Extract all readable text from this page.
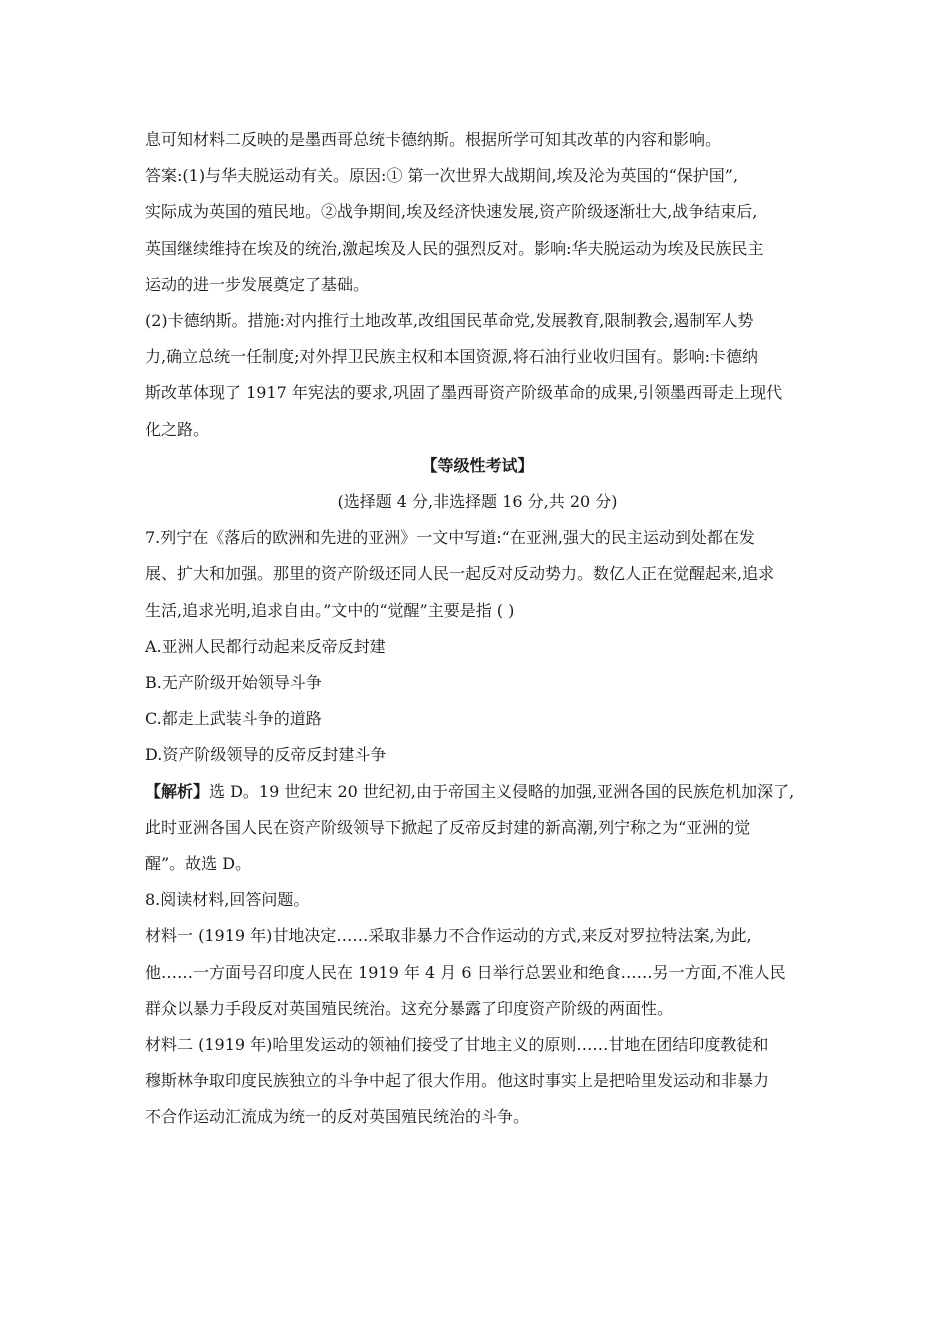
息可知材料二反映的是墨西哥总统卡德纳斯。根据所学可知其改革的内容和影响。
答案:(1)与华夫脱运动有关。原因:① 第一次世界大战期间,埃及沦为英国的“保护国”,
实际成为英国的殖民地。②战争期间,埃及经济快速发展,资产阶级逐渐壮大,战争结束后,
英国继续维持在埃及的统治,激起埃及人民的强烈反对。影响:华夫脱运动为埃及民族民主
运动的进一步发展奠定了基础。
(2)卡德纳斯。措施:对内推行土地改革,改组国民革命党,发展教育,限制教会,遏制军人势
力,确立总统一任制度;对外捍卫民族主权和本国资源,将石油行业收归国有。影响:卡德纳
斯改革体现了 1917 年宪法的要求,巩固了墨西哥资产阶级革命的成果,引领墨西哥走上现代
化之路。
【等级性考试】
(选择题 4 分,非选择题 16 分,共 20 分)
7.列宁在《落后的欧洲和先进的亚洲》一文中写道:“在亚洲,强大的民主运动到处都在发
展、扩大和加强。那里的资产阶级还同人民一起反对反动势力。数亿人正在觉醒起来,追求
生活,追求光明,追求自由。”文中的“觉醒”主要是指 ( )
A.亚洲人民都行动起来反帝反封建
B.无产阶级开始领导斗争
C.都走上武装斗争的道路
D.资产阶级领导的反帝反封建斗争
【解析】选 D。19 世纪末 20 世纪初,由于帝国主义侵略的加强,亚洲各国的民族危机加深了,
此时亚洲各国人民在资产阶级领导下掀起了反帝反封建的新高潮,列宁称之为“亚洲的觉
醒”。故选 D。
8.阅读材料,回答问题。
材料一 (1919 年)甘地决定……采取非暴力不合作运动的方式,来反对罗拉特法案,为此,
他……一方面号召印度人民在 1919 年 4 月 6 日举行总罢业和绝食……另一方面,不准人民
群众以暴力手段反对英国殖民统治。这充分暴露了印度资产阶级的两面性。
材料二 (1919 年)哈里发运动的领袖们接受了甘地主义的原则……甘地在团结印度教徒和
穆斯林争取印度民族独立的斗争中起了很大作用。他这时事实上是把哈里发运动和非暴力
不合作运动汇流成为统一的反对英国殖民统治的斗争。
